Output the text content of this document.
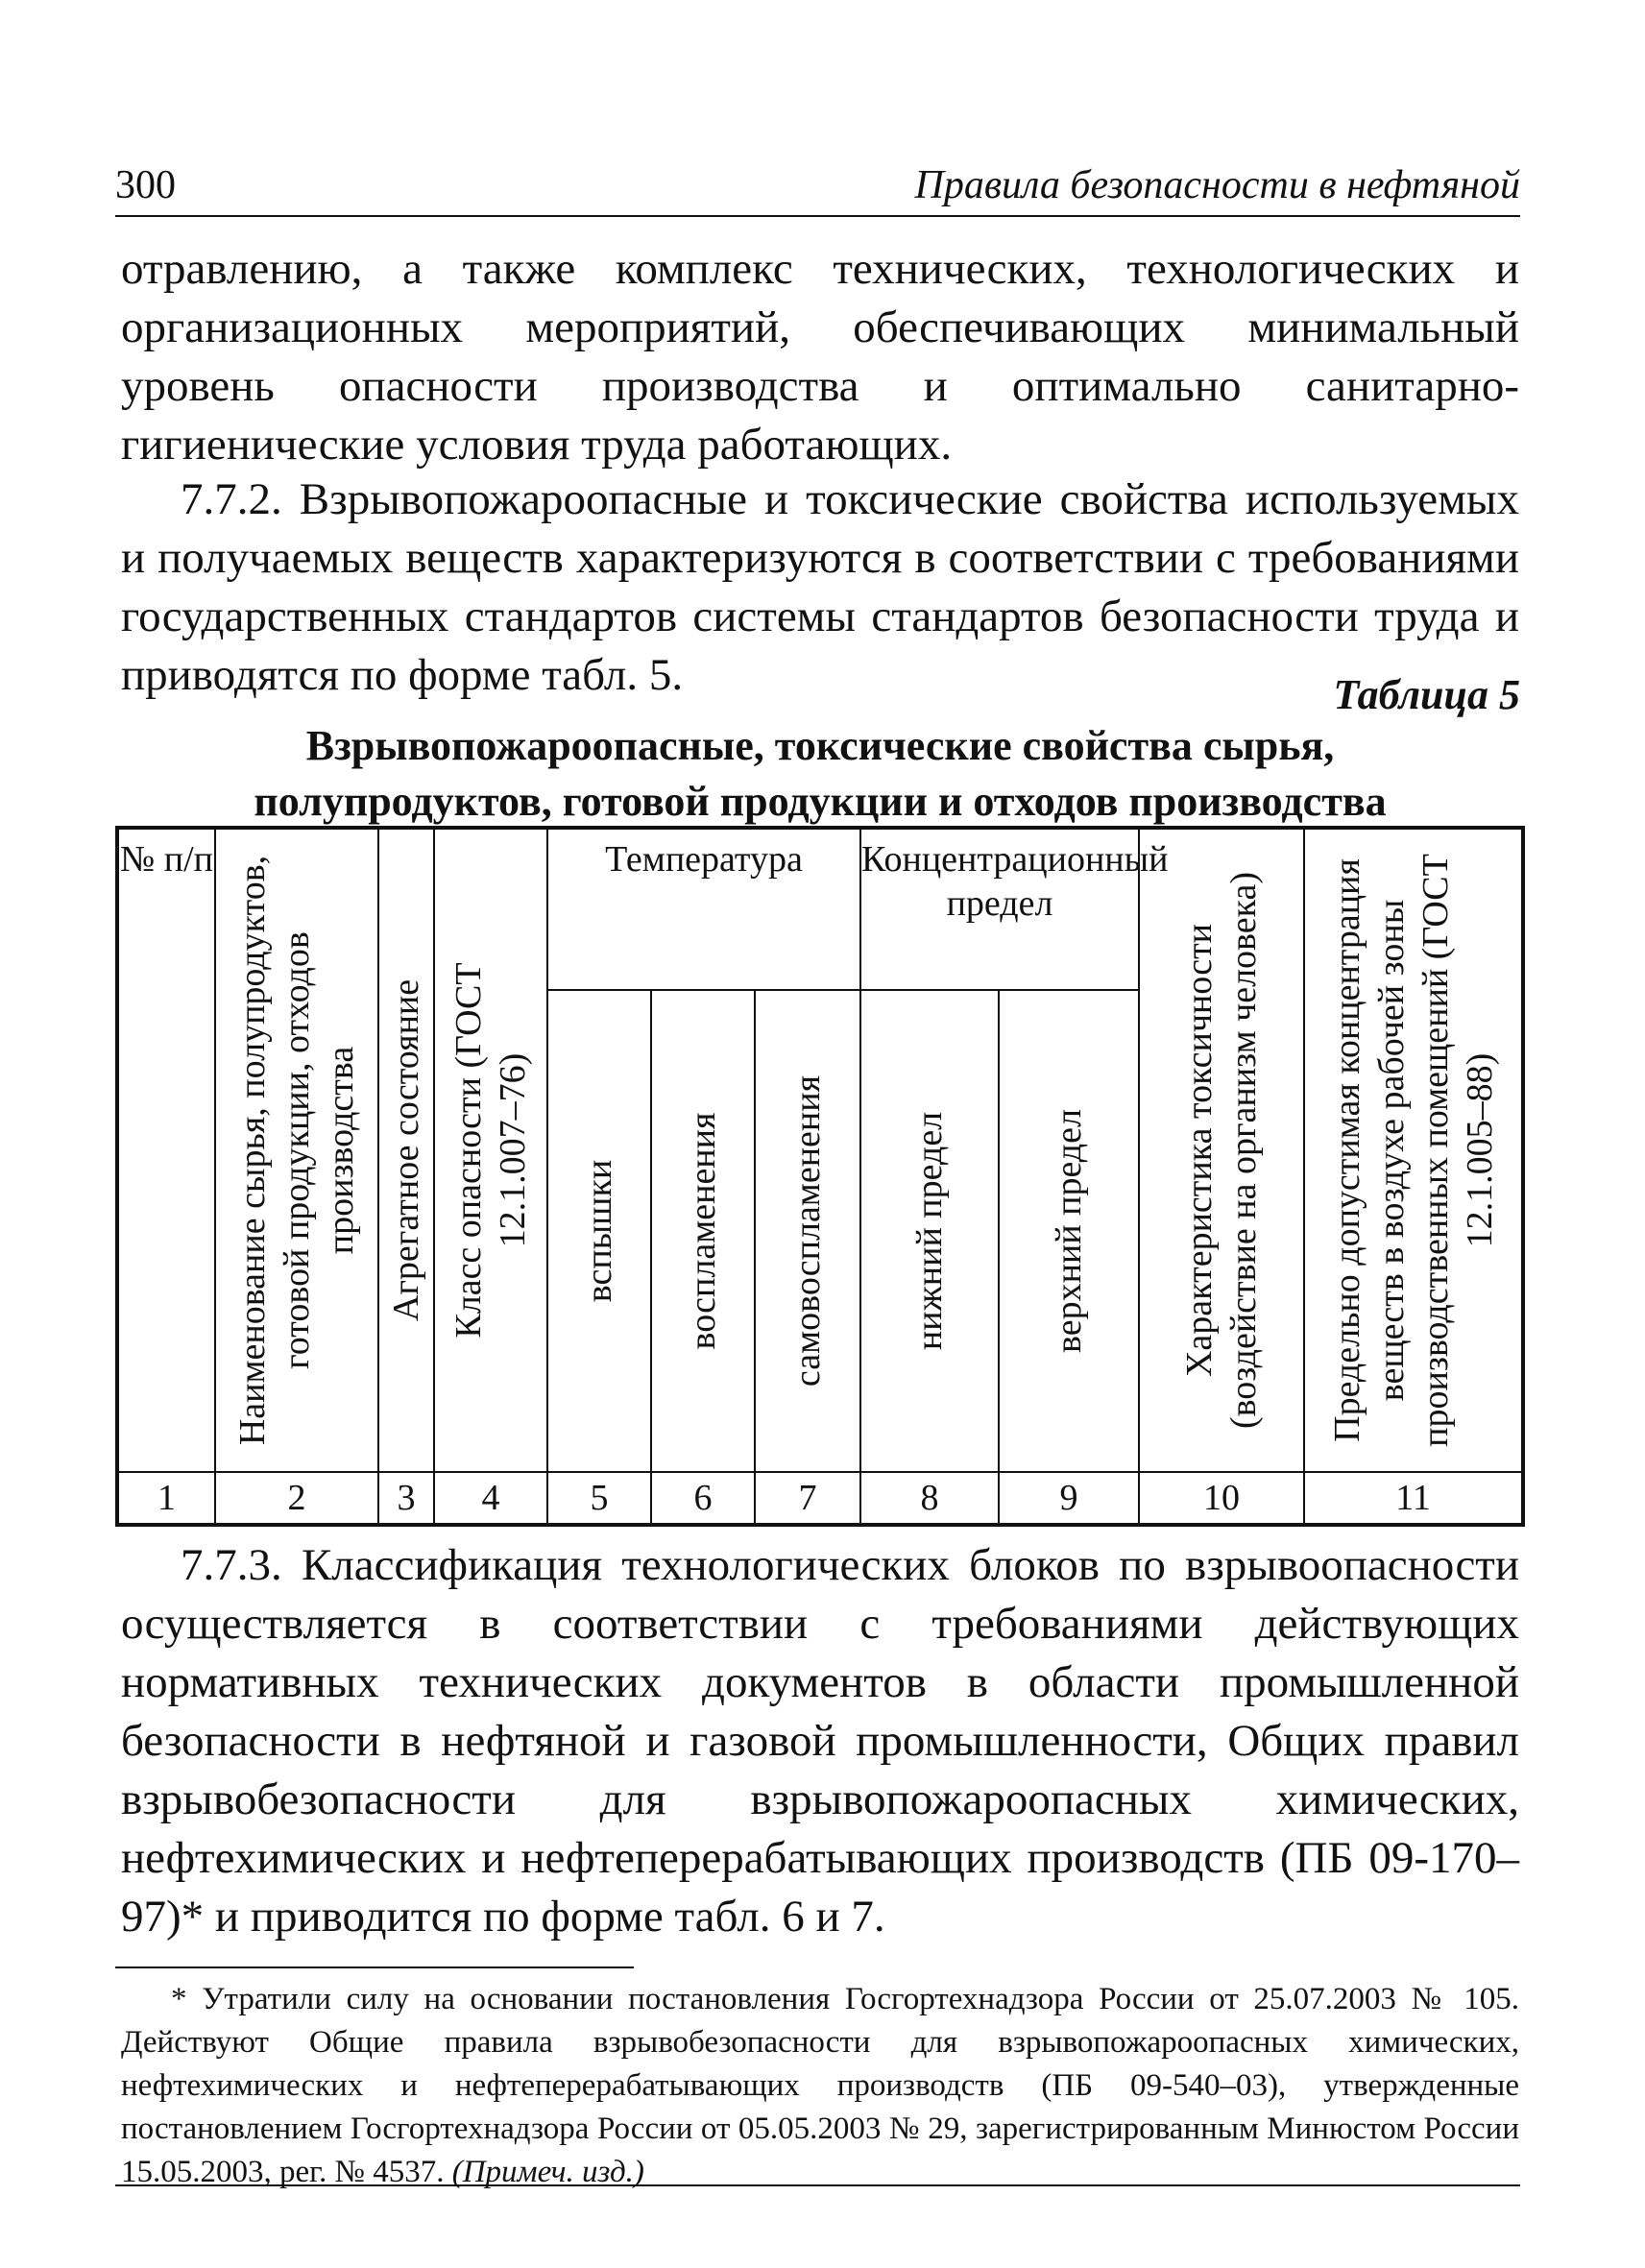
300	Правила безопасности в нефтяной

отравлению, а также комплекс технических, технологических и организационных мероприятий, обеспечивающих минимальный уровень опасности производства и оптимально санитарно-гигиенические условия труда работающих.

7.7.2. Взрывопожароопасные и токсические свойства используемых и получаемых веществ характеризуются в соответствии с требованиями государственных стандартов системы стандартов безопасности труда и приводятся по форме табл. 5.	Таблица 5

Взрывопожароопасные, токсические свойства сырья,
полупродуктов, готовой продукции и отходов производства

№ п/п	Наименование сырья, полупродуктов, готовой продукции, отходов производства	Агрегатное состояние	Класс опасности (ГОСТ 12.1.007–76)	Температура			Концентрационный предел		Характеристика токсичности (воздействие на организм человека)	Предельно допустимая концентрация веществ в воздухе рабочей зоны производственных помещений (ГОСТ 12.1.005–88)

				вспышки	воспламенения	самовоспламенения	нижний предел	верхний предел		

1	2	3	4	5	6	7	8	9	10	11

7.7.3. Классификация технологических блоков по взрывоопасности осуществляется в соответствии с требованиями действующих нормативных технических документов в области промышленной безопасности в нефтяной и газовой промышленности, Общих правил взрывобезопасности для взрывопожароопасных химических, нефтехимических и нефтеперерабатывающих производств (ПБ 09-170–97)* и приводится по форме табл. 6 и 7.

* Утратили силу на основании постановления Госгортехнадзора России от 25.07.2003 № 105. Действуют Общие правила взрывобезопасности для взрывопожароопасных химических, нефтехимических и нефтеперерабатывающих производств (ПБ 09-540–03), утвержденные постановлением Госгортехнадзора России от 05.05.2003 № 29, зарегистрированным Минюстом России 15.05.2003, рег. № 4537. (Примеч. изд.)
